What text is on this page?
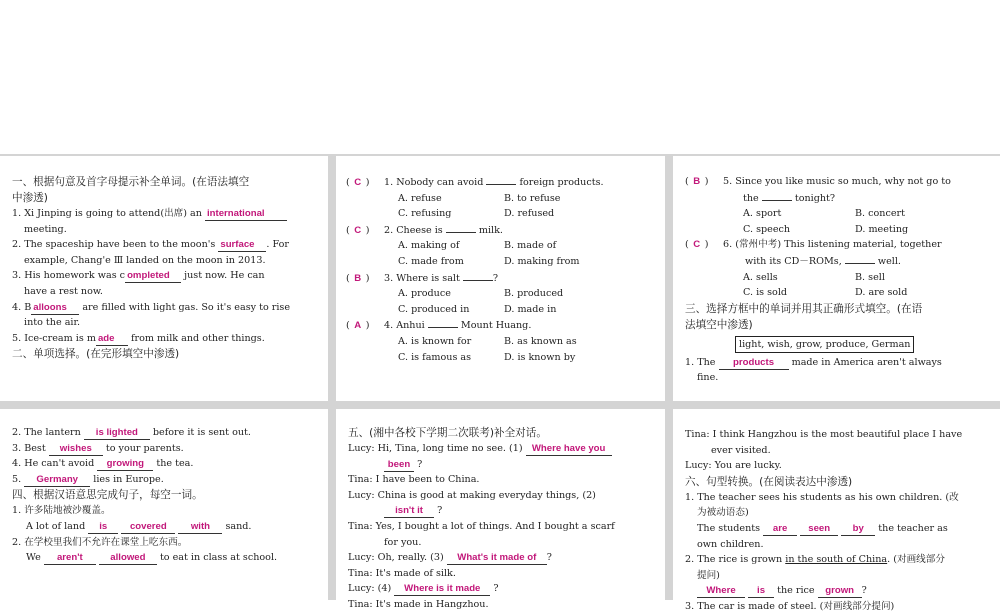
一、根据句意及首字母提示补全单词。(在语法填空
中渗透)
1. Xi Jinping is going to attend(出席) an international
meeting.
2. The spaceship have been to the moon's surface . For
example, Chang'e Ⅲ landed on the moon in 2013.
3. His homework was c ompleted just now. He can
have a rest now.
4. B alloons are filled with light gas. So it's easy to rise
into the air.
5. Ice-cream is m ade from milk and other things.
二、单项选择。(在完形填空中渗透)
( C ) 1. Nobody can avoid	foreign products.
A. refuse	B. to refuse
C. refusing	D. refused
( C ) 2. Cheese is	milk.
A. making of	B. made of
C. made from	D. making from
( B ) 3. Where is salt	?
A. produce	B. produced
C. produced in	D. made in
( A ) 4. Anhui	Mount Huang.
A. is known for	B. as known as
C. is famous as	D. is known by
( B ) 5. Since you like music so much, why not go to
the	tonight?
A. sport	B. concert
C. speech	D. meeting
( C ) 6. (常州中考) This listening material, together
with its CD－ROMs,	well.
A. sells	B. sell
C. is sold	D. are sold
三、选择方框中的单词并用其正确形式填空。(在语
法填空中渗透)
light, wish, grow, produce, German
1. The products made in America aren't always
fine.
2. The lantern is lighted before it is sent out.
3. Best wishes to your parents.
4. He can't avoid growing the tea.
5. Germany lies in Europe.
四、根据汉语意思完成句子，每空一词。
1. 许多陆地被沙覆盖。
A lot of land is covered	with sand.
2. 在学校里我们不允许在课堂上吃东西。
We aren't	allowed to eat in class at school.
五、(湘中各校下学期二次联考)补全对话。
Lucy: Hi, Tina, long time no see. (1) Where have you
been ?
Tina: I have been to China.
Lucy: China is good at making everyday things, (2)
isn't it ?
Tina: Yes, I bought a lot of things. And I bought a scarf
for you.
Lucy: Oh, really. (3) What's it made of ?
Tina: It's made of silk.
Lucy: (4) Where is it made ?
Tina: It's made in Hangzhou.
Tina: I think Hangzhou is the most beautiful place I have
ever visited.
Lucy: You are lucky.
六、句型转换。(在阅读表达中渗透)
1. The teacher sees his students as his own children. (改
为被动语态)
The students are seen by the teacher as
own children.
2. The rice is grown in the south of China. (对画线部分
提问)
Where is the rice grown ?
3. The car is made of steel. (对画线部分提问)
